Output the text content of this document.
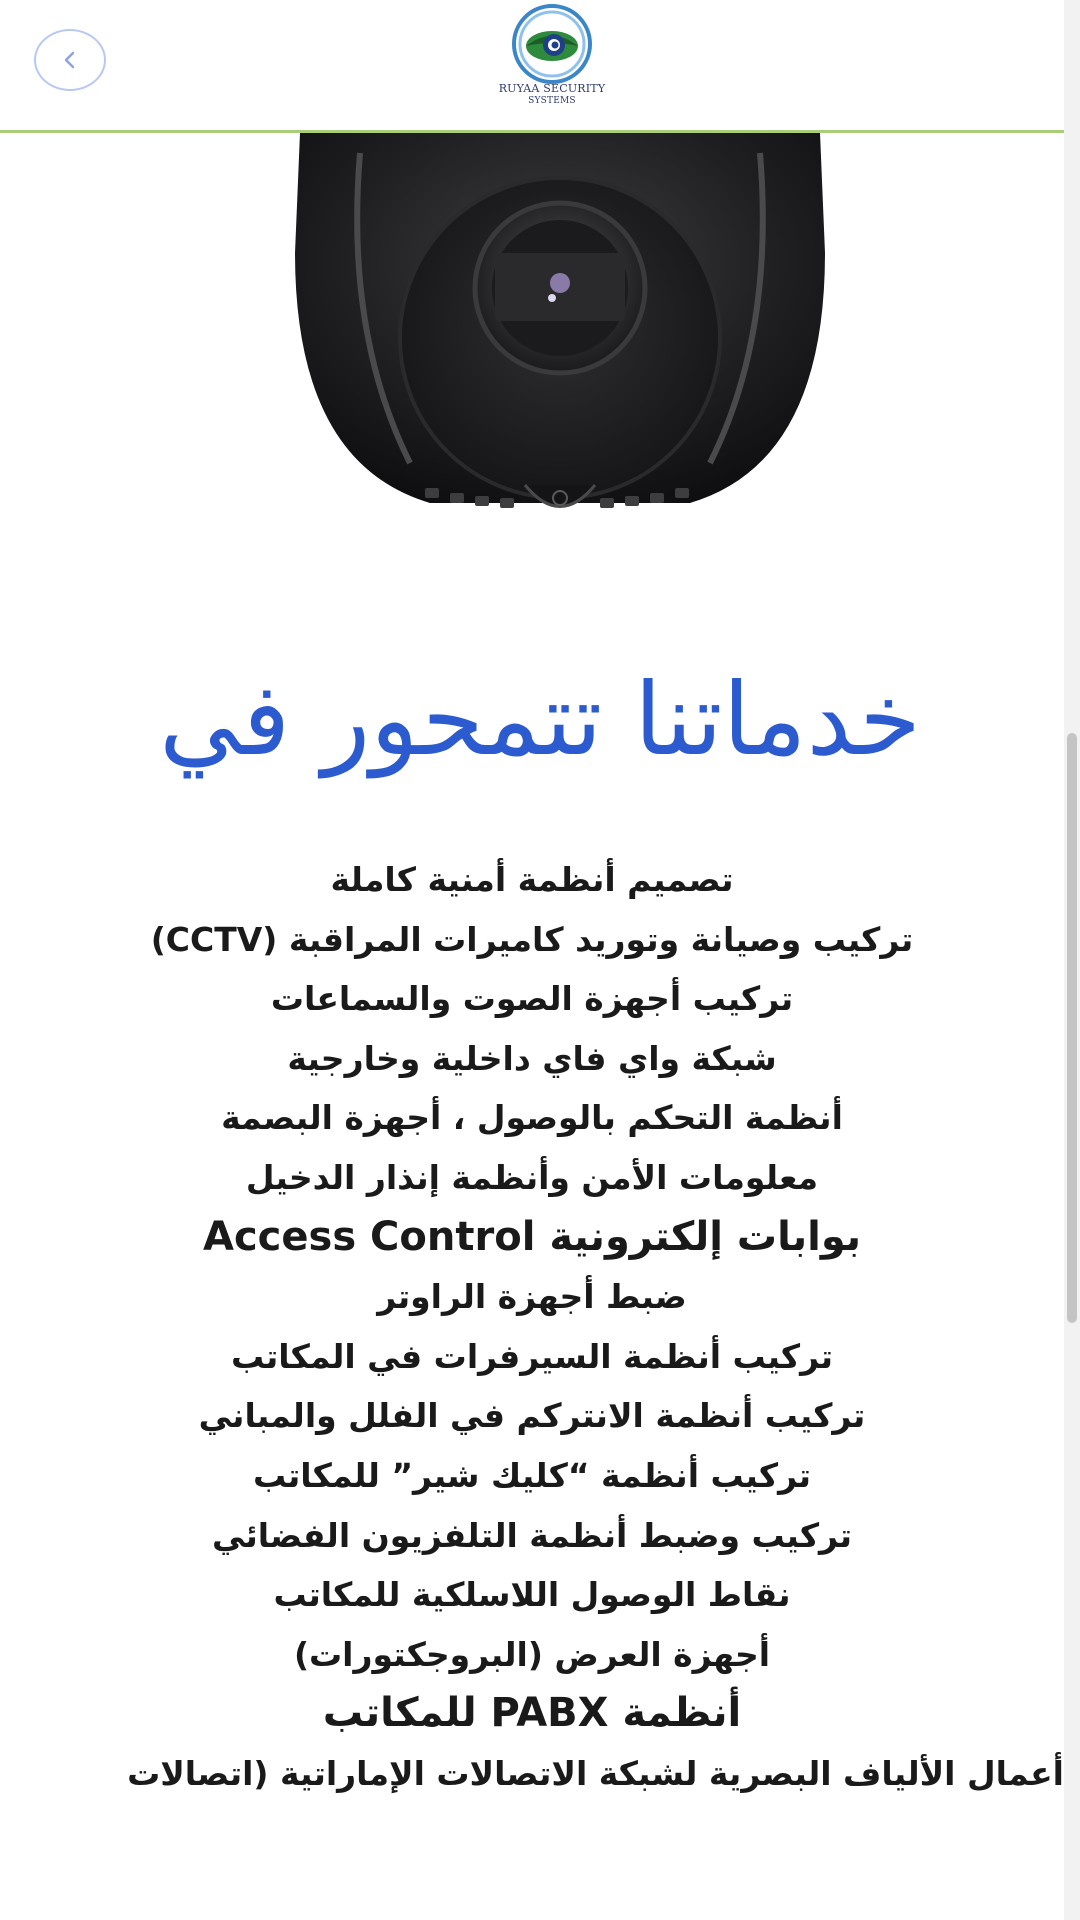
RUYAA SECURITY
SYSTEMS
خدماتنا تتمحور في
تصميم أنظمة أمنية كاملة
تركيب وصيانة وتوريد كاميرات المراقبة (CCTV)
تركيب أجهزة الصوت والسماعات
شبكة واي فاي داخلية وخارجية
أنظمة التحكم بالوصول ، أجهزة البصمة
معلومات الأمن وأنظمة إنذار الدخيل
بوابات إلكترونية Access Control
ضبط أجهزة الراوتر
تركيب أنظمة السيرفرات في المكاتب
تركيب أنظمة الانتركم في الفلل والمباني
تركيب أنظمة “كليك شير” للمكاتب
تركيب وضبط أنظمة التلفزيون الفضائي
نقاط الوصول اللاسلكية للمكاتب
أجهزة العرض (البروجكتورات)
أنظمة PABX للمكاتب
أعمال الألياف البصرية لشبكة الاتصالات الإماراتية (اتصالات
